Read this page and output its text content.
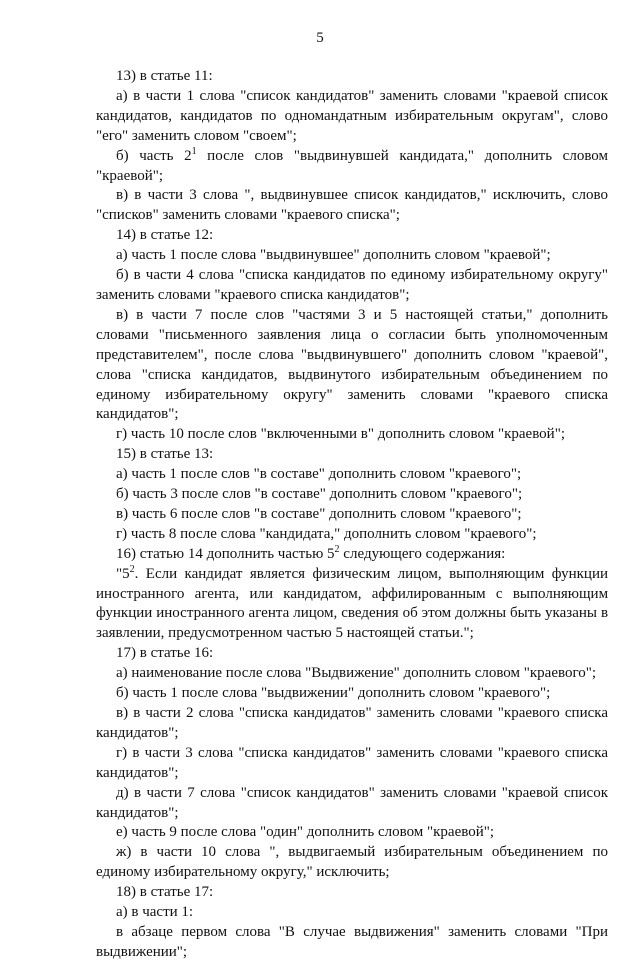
5

13) в статье 11:

а) в части 1 слова "список кандидатов" заменить словами "краевой список кандидатов, кандидатов по одномандатным избирательным округам", слово "его" заменить словом "своем";

б) часть $2^1$ после слов "выдвинувшей кандидата," дополнить словом "краевой";

в) в части 3 слова ", выдвинувшее список кандидатов," исключить, слово "списков" заменить словами "краевого списка";

14) в статье 12:

а) часть 1 после слова "выдвинувшее" дополнить словом "краевой";

б) в части 4 слова "списка кандидатов по единому избирательному округу" заменить словами "краевого списка кандидатов";

в) в части 7 после слов "частями 3 и 5 настоящей статьи," дополнить словами "письменного заявления лица о согласии быть уполномоченным представителем", после слова "выдвинувшего" дополнить словом "краевой", слова "списка кандидатов, выдвинутого избирательным объединением по единому избирательному округу" заменить словами "краевого списка кандидатов";

г) часть 10 после слов "включенными в" дополнить словом "краевой";

15) в статье 13:

а) часть 1 после слов "в составе" дополнить словом "краевого";

б) часть 3 после слов "в составе" дополнить словом "краевого";

в) часть 6 после слов "в составе" дополнить словом "краевого";

г) часть 8 после слова "кандидата," дополнить словом "краевого";

16) статью 14 дополнить частью $5^2$ следующего содержания:

"$5^2$. Если кандидат является физическим лицом, выполняющим функции иностранного агента, или кандидатом, аффилированным с выполняющим функции иностранного агента лицом, сведения об этом должны быть указаны в заявлении, предусмотренном частью 5 настоящей статьи.";

17) в статье 16:

а) наименование после слова "Выдвижение" дополнить словом "краевого";

б) часть 1 после слова "выдвижении" дополнить словом "краевого";

в) в части 2 слова "списка кандидатов" заменить словами "краевого списка кандидатов";

г) в части 3 слова "списка кандидатов" заменить словами "краевого списка кандидатов";

д) в части 7 слова "список кандидатов" заменить словами "краевой список кандидатов";

е) часть 9 после слова "один" дополнить словом "краевой";

ж) в части 10 слова ", выдвигаемый избирательным объединением по единому избирательному округу," исключить;

18) в статье 17:

а) в части 1:

в абзаце первом слова "В случае выдвижения" заменить словами "При выдвижении";
